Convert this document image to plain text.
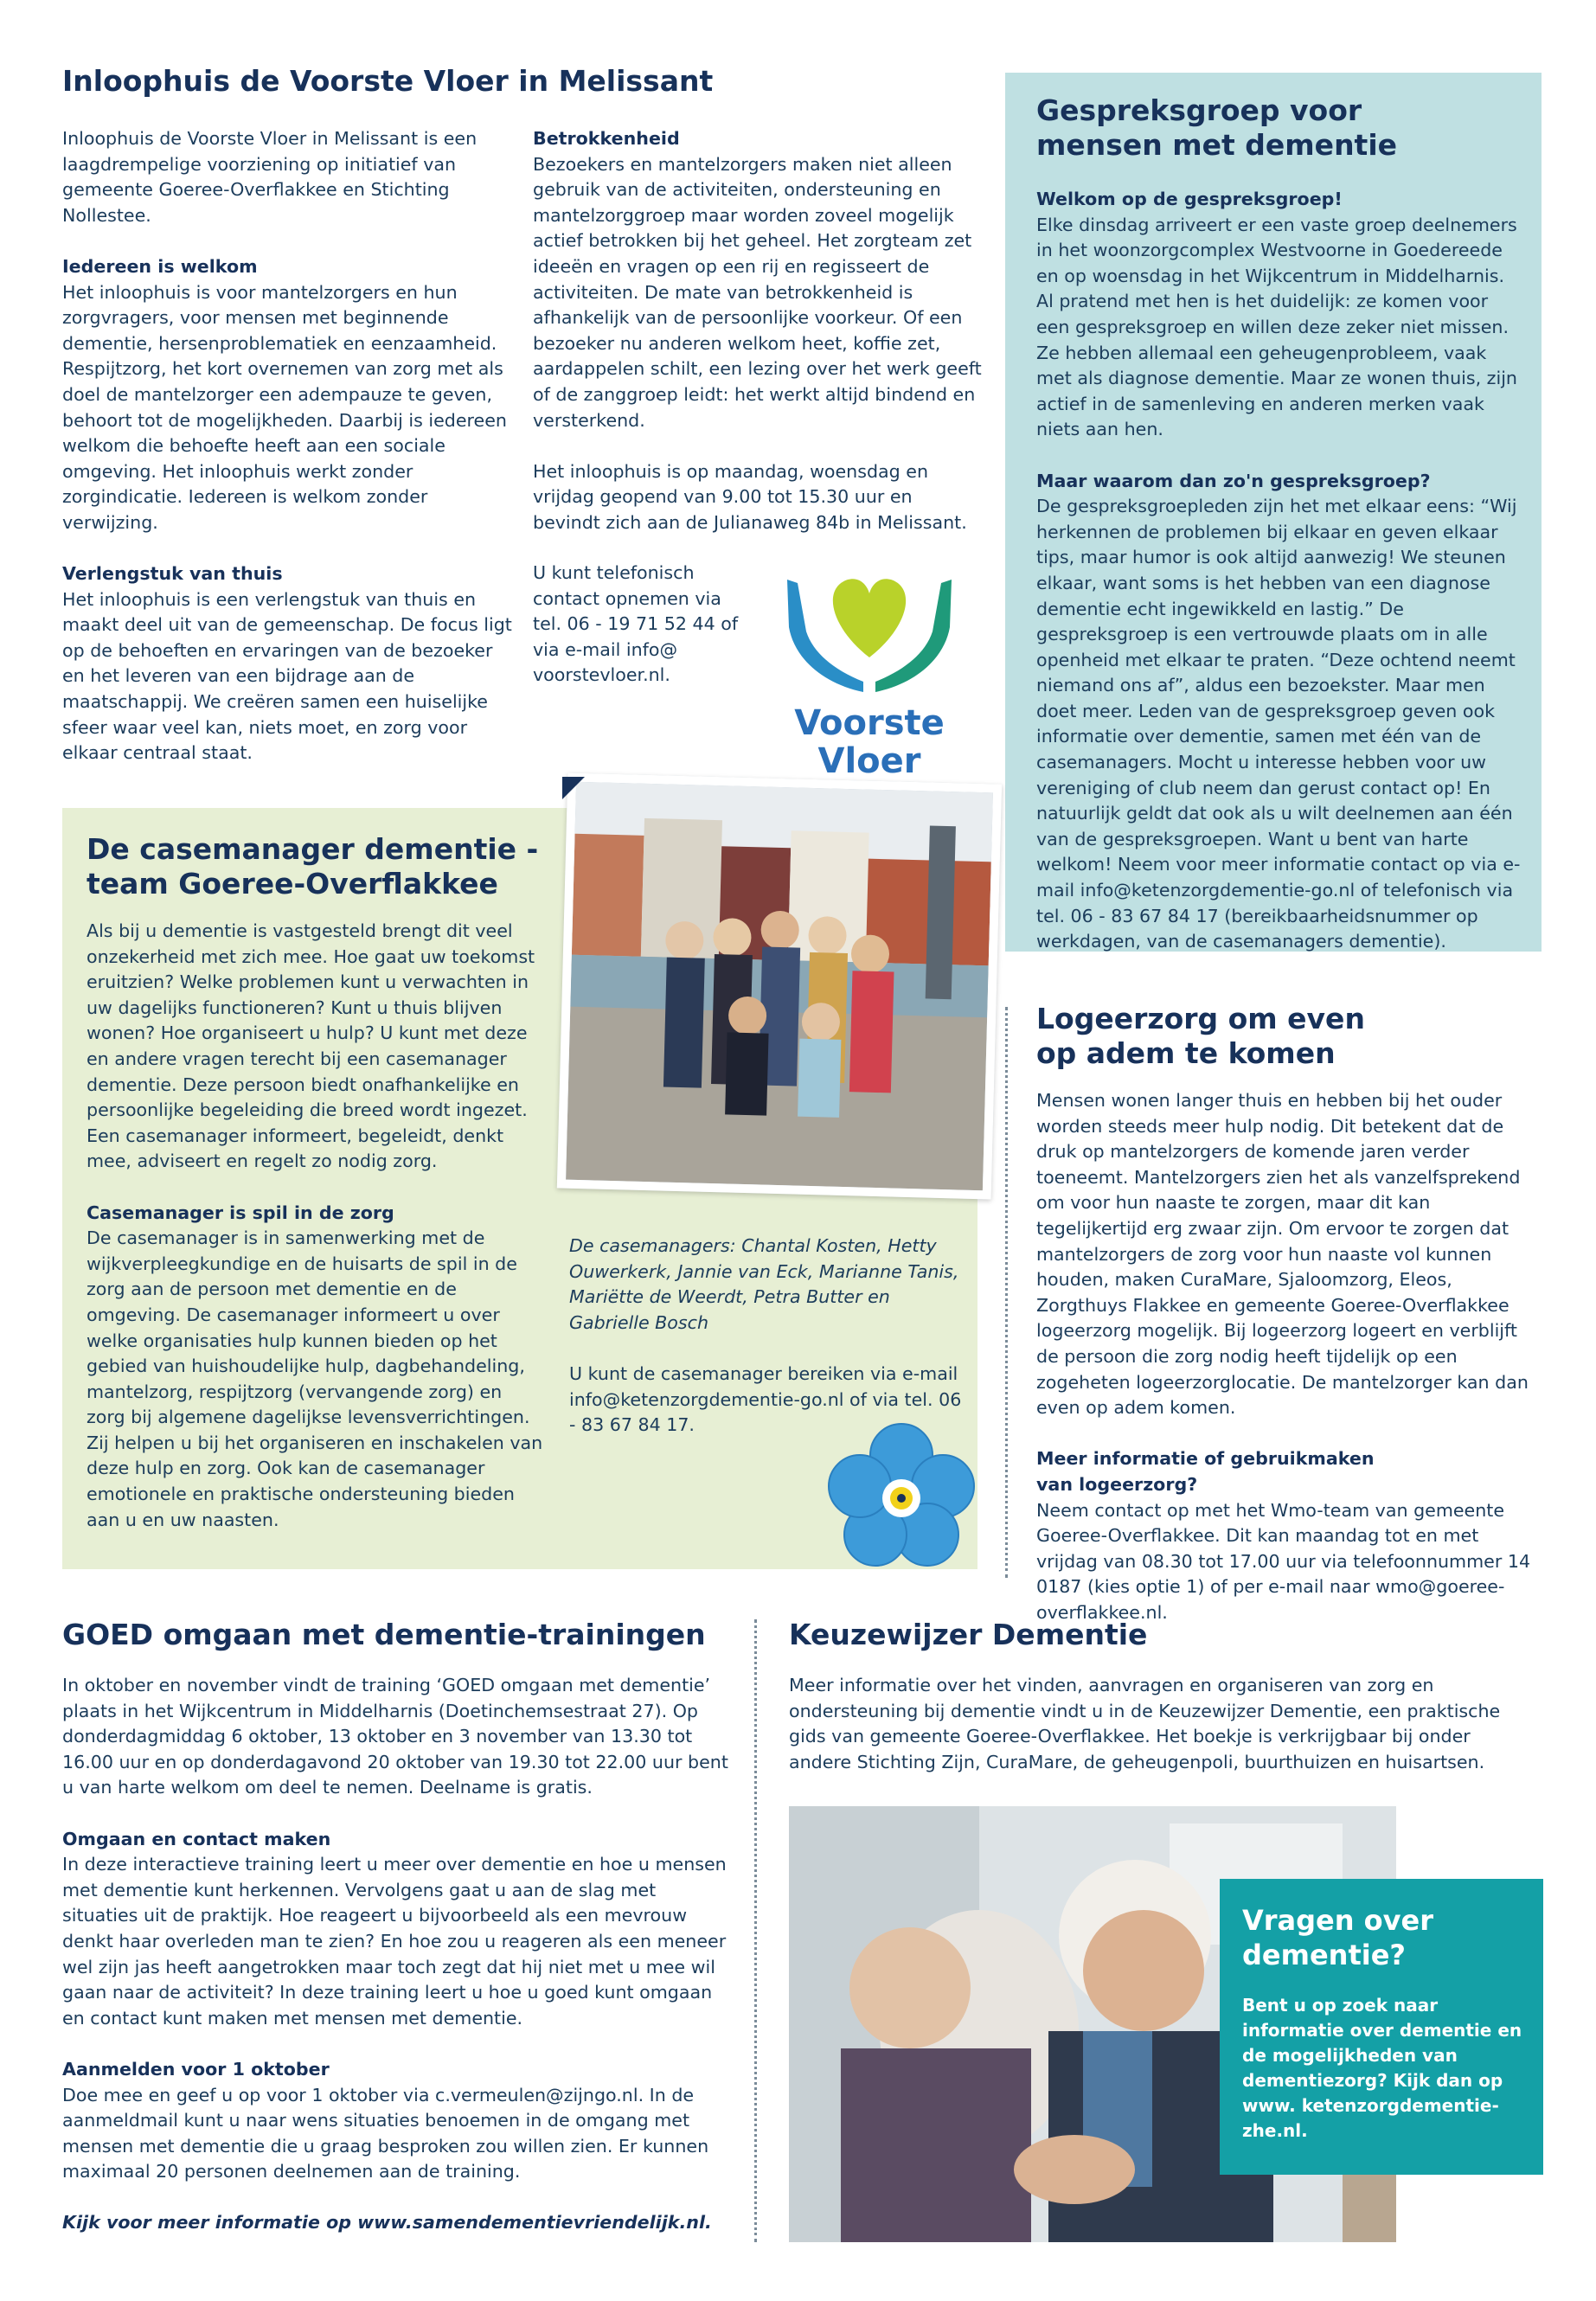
Inloophuis de Voorste Vloer in Melissant

Inloophuis de Voorste Vloer in Melissant is een laagdrempelige voorziening op initiatief van gemeente Goeree-Overflakkee en Stichting Nollestee.

Iedereen is welkom

Het inloophuis is voor mantelzorgers en hun zorgvragers, voor mensen met beginnende dementie, hersenproblematiek en eenzaamheid. Respijtzorg, het kort overnemen van zorg met als doel de mantelzorger een adempauze te geven, behoort tot de mogelijkheden. Daarbij is iedereen welkom die behoefte heeft aan een sociale omgeving. Het inloophuis werkt zonder zorgindicatie. Iedereen is welkom zonder verwijzing.

Verlengstuk van thuis

Het inloophuis is een verlengstuk van thuis en maakt deel uit van de gemeenschap. De focus ligt op de behoeften en ervaringen van de bezoeker en het leveren van een bijdrage aan de maatschappij. We creëren samen een huiselijke sfeer waar veel kan, niets moet, en zorg voor elkaar centraal staat.

Betrokkenheid

Bezoekers en mantelzorgers maken niet alleen gebruik van de activiteiten, ondersteuning en mantelzorggroep maar worden zoveel mogelijk actief betrokken bij het geheel. Het zorgteam zet ideeën en vragen op een rij en regisseert de activiteiten. De mate van betrokkenheid is afhankelijk van de persoonlijke voorkeur. Of een bezoeker nu anderen welkom heet, koffie zet, aardappelen schilt, een lezing over het werk geeft of de zanggroep leidt: het werkt altijd bindend en versterkend.

Het inloophuis is op maandag, woensdag en vrijdag geopend van 9.00 tot 15.30 uur en bevindt zich aan de Julianaweg 84b in Melissant.

U kunt telefonisch contact opnemen via tel. 06 - 19 71 52 44 of via e-mail info@ voorstevloer.nl.

Voorste Vloer
Gespreksgroep voor mensen met dementie

Welkom op de gespreksgroep!

Elke dinsdag arriveert er een vaste groep deelnemers in het woonzorgcomplex Westvoorne in Goedereede en op woensdag in het Wijkcentrum in Middelharnis. Al pratend met hen is het duidelijk: ze komen voor een gespreksgroep en willen deze zeker niet missen. Ze hebben allemaal een geheugenprobleem, vaak met als diagnose dementie. Maar ze wonen thuis, zijn actief in de samenleving en anderen merken vaak niets aan hen.

Maar waarom dan zo'n gespreksgroep?

De gespreksgroepleden zijn het met elkaar eens: “Wij herkennen de problemen bij elkaar en geven elkaar tips, maar humor is ook altijd aanwezig! We steunen elkaar, want soms is het hebben van een diagnose dementie echt ingewikkeld en lastig.” De gespreksgroep is een vertrouwde plaats om in alle openheid met elkaar te praten. “Deze ochtend neemt niemand ons af”, aldus een bezoekster. Maar men doet meer. Leden van de gespreksgroep geven ook informatie over dementie, samen met één van de casemanagers. Mocht u interesse hebben voor uw vereniging of club neem dan gerust contact op! En natuurlijk geldt dat ook als u wilt deelnemen aan één van de gespreksgroepen. Want u bent van harte welkom! Neem voor meer informatie contact op via e-mail info@ketenzorgdementie-go.nl of telefonisch via tel. 06 - 83 67 84 17 (bereikbaarheidsnummer op werkdagen, van de casemanagers dementie).

De casemanager dementie - team Goeree-Overflakkee

Als bij u dementie is vastgesteld brengt dit veel onzekerheid met zich mee. Hoe gaat uw toekomst eruitzien? Welke problemen kunt u verwachten in uw dagelijks functioneren? Kunt u thuis blijven wonen? Hoe organiseert u hulp? U kunt met deze en andere vragen terecht bij een casemanager dementie. Deze persoon biedt onafhankelijke en persoonlijke begeleiding die breed wordt ingezet. Een casemanager informeert, begeleidt, denkt mee, adviseert en regelt zo nodig zorg.

Casemanager is spil in de zorg

De casemanager is in samenwerking met de wijkverpleegkundige en de huisarts de spil in de zorg aan de persoon met dementie en de omgeving. De casemanager informeert u over welke organisaties hulp kunnen bieden op het gebied van huishoudelijke hulp, dagbehandeling, mantelzorg, respijtzorg (vervangende zorg) en zorg bij algemene dagelijkse levensverrichtingen. Zij helpen u bij het organiseren en inschakelen van deze hulp en zorg. Ook kan de casemanager emotionele en praktische ondersteuning bieden aan u en uw naasten.

De casemanagers: Chantal Kosten, Hetty Ouwerkerk, Jannie van Eck, Marianne Tanis, Mariëtte de Weerdt, Petra Butter en Gabrielle Bosch

U kunt de casemanager bereiken via e-mail info@ketenzorgdementie-go.nl of via tel. 06 - 83 67 84 17.

Logeerzorg om even op adem te komen

Mensen wonen langer thuis en hebben bij het ouder worden steeds meer hulp nodig. Dit betekent dat de druk op mantelzorgers de komende jaren verder toeneemt. Mantelzorgers zien het als vanzelfsprekend om voor hun naaste te zorgen, maar dit kan tegelijkertijd erg zwaar zijn. Om ervoor te zorgen dat mantelzorgers de zorg voor hun naaste vol kunnen houden, maken CuraMare, Sjaloomzorg, Eleos, Zorgthuys Flakkee en gemeente Goeree-Overflakkee logeerzorg mogelijk. Bij logeerzorg logeert en verblijft de persoon die zorg nodig heeft tijdelijk op een zogeheten logeerzorglocatie. De mantelzorger kan dan even op adem komen.

Meer informatie of gebruikmaken van logeerzorg?

Neem contact op met het Wmo-team van gemeente Goeree-Overflakkee. Dit kan maandag tot en met vrijdag van 08.30 tot 17.00 uur via telefoonnummer 14 0187 (kies optie 1) of per e-mail naar wmo@goeree-overflakkee.nl.

GOED omgaan met dementie-trainingen

In oktober en november vindt de training ‘GOED omgaan met dementie’ plaats in het Wijkcentrum in Middelharnis (Doetinchemsestraat 27). Op donderdagmiddag 6 oktober, 13 oktober en 3 november van 13.30 tot 16.00 uur en op donderdagavond 20 oktober van 19.30 tot 22.00 uur bent u van harte welkom om deel te nemen. Deelname is gratis.

Omgaan en contact maken

In deze interactieve training leert u meer over dementie en hoe u mensen met dementie kunt herkennen. Vervolgens gaat u aan de slag met situaties uit de praktijk. Hoe reageert u bijvoorbeeld als een mevrouw denkt haar overleden man te zien? En hoe zou u reageren als een meneer wel zijn jas heeft aangetrokken maar toch zegt dat hij niet met u mee wil gaan naar de activiteit? In deze training leert u hoe u goed kunt omgaan en contact kunt maken met mensen met dementie.

Aanmelden voor 1 oktober

Doe mee en geef u op voor 1 oktober via c.vermeulen@zijngo.nl. In de aanmeldmail kunt u naar wens situaties benoemen in de omgang met mensen met dementie die u graag besproken zou willen zien. Er kunnen maximaal 20 personen deelnemen aan de training.

Kijk voor meer informatie op www.samendementievriendelijk.nl.

Keuzewijzer Dementie

Meer informatie over het vinden, aanvragen en organiseren van zorg en ondersteuning bij dementie vindt u in de Keuzewijzer Dementie, een praktische gids van gemeente Goeree-Overflakkee. Het boekje is verkrijgbaar bij onder andere Stichting Zijn, CuraMare, de geheugenpoli, buurthuizen en huisartsen.

Vragen over dementie?
Bent u op zoek naar informatie over dementie en de mogelijkheden van dementiezorg? Kijk dan op www. ketenzorgdementie-zhe.nl.
